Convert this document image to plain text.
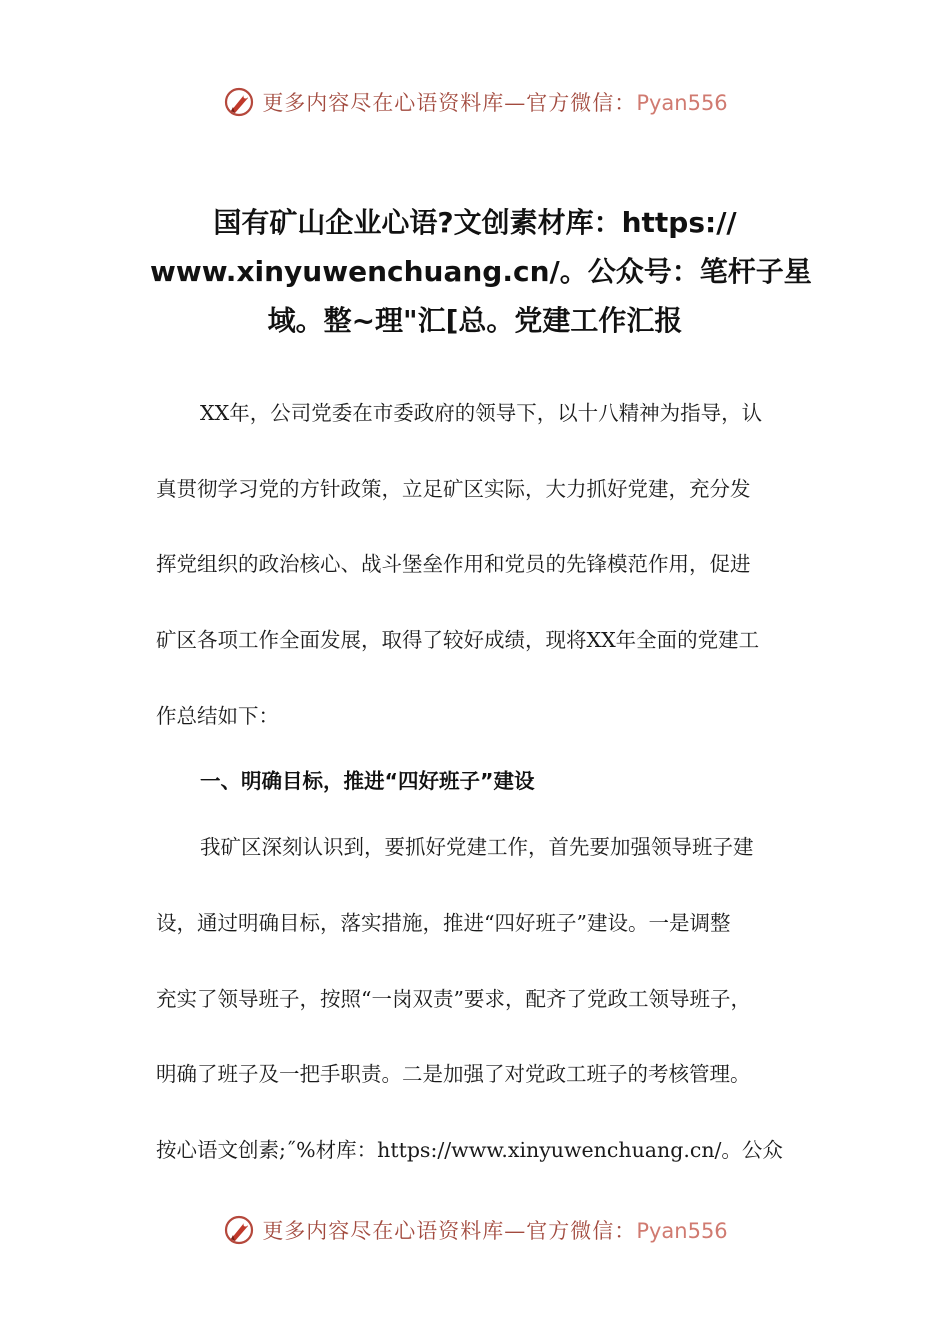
更多内容尽在心语资料库—官方微信：Pyan556
国有矿山企业心语?文创素材库：https://
www.xinyuwenchuang.cn/。公众号：笔杆子星
域。整~理"汇[总。党建工作汇报
XX年，公司党委在市委政府的领导下，以十八精神为指导，认
真贯彻学习党的方针政策，立足矿区实际，大力抓好党建，充分发
挥党组织的政治核心、战斗堡垒作用和党员的先锋模范作用，促进
矿区各项工作全面发展，取得了较好成绩，现将XX年全面的党建工
作总结如下：
一、明确目标，推进“四好班子”建设
我矿区深刻认识到，要抓好党建工作，首先要加强领导班子建
设，通过明确目标，落实措施，推进“四好班子”建设。一是调整
充实了领导班子，按照“一岗双责”要求，配齐了党政工领导班子，
明确了班子及一把手职责。二是加强了对党政工班子的考核管理。
按心语文创素;˝%材库：https://www.xinyuwenchuang.cn/。公众
更多内容尽在心语资料库—官方微信：Pyan556
